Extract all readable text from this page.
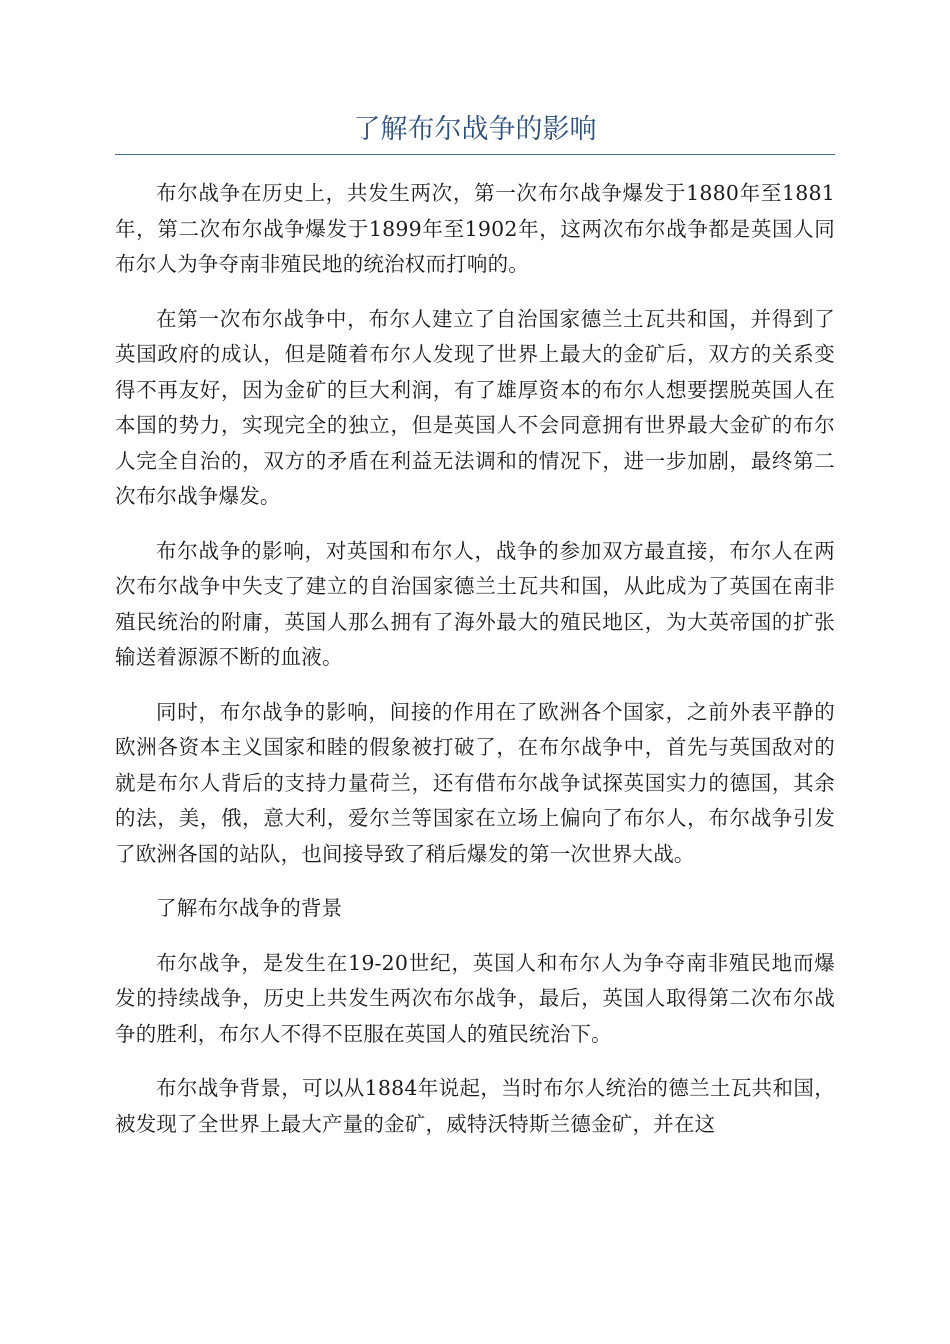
了解布尔战争的影响

布尔战争在历史上，共发生两次，第一次布尔战争爆发于1880年至1881年，第二次布尔战争爆发于1899年至1902年，这两次布尔战争都是英国人同布尔人为争夺南非殖民地的统治权而打响的。

在第一次布尔战争中，布尔人建立了自治国家德兰土瓦共和国，并得到了英国政府的成认，但是随着布尔人发现了世界上最大的金矿后，双方的关系变得不再友好，因为金矿的巨大利润，有了雄厚资本的布尔人想要摆脱英国人在本国的势力，实现完全的独立，但是英国人不会同意拥有世界最大金矿的布尔人完全自治的，双方的矛盾在利益无法调和的情况下，进一步加剧，最终第二次布尔战争爆发。

布尔战争的影响，对英国和布尔人，战争的参加双方最直接，布尔人在两次布尔战争中失支了建立的自治国家德兰土瓦共和国，从此成为了英国在南非殖民统治的附庸，英国人那么拥有了海外最大的殖民地区，为大英帝国的扩张输送着源源不断的血液。

同时，布尔战争的影响，间接的作用在了欧洲各个国家，之前外表平静的欧洲各资本主义国家和睦的假象被打破了，在布尔战争中，首先与英国敌对的就是布尔人背后的支持力量荷兰，还有借布尔战争试探英国实力的德国，其余的法，美，俄，意大利，爱尔兰等国家在立场上偏向了布尔人，布尔战争引发了欧洲各国的站队，也间接导致了稍后爆发的第一次世界大战。

了解布尔战争的背景

布尔战争，是发生在19-20世纪，英国人和布尔人为争夺南非殖民地而爆发的持续战争，历史上共发生两次布尔战争，最后，英国人取得第二次布尔战争的胜利，布尔人不得不臣服在英国人的殖民统治下。

布尔战争背景，可以从1884年说起，当时布尔人统治的德兰土瓦共和国，被发现了全世界上最大产量的金矿，威特沃特斯兰德金矿，并在这
